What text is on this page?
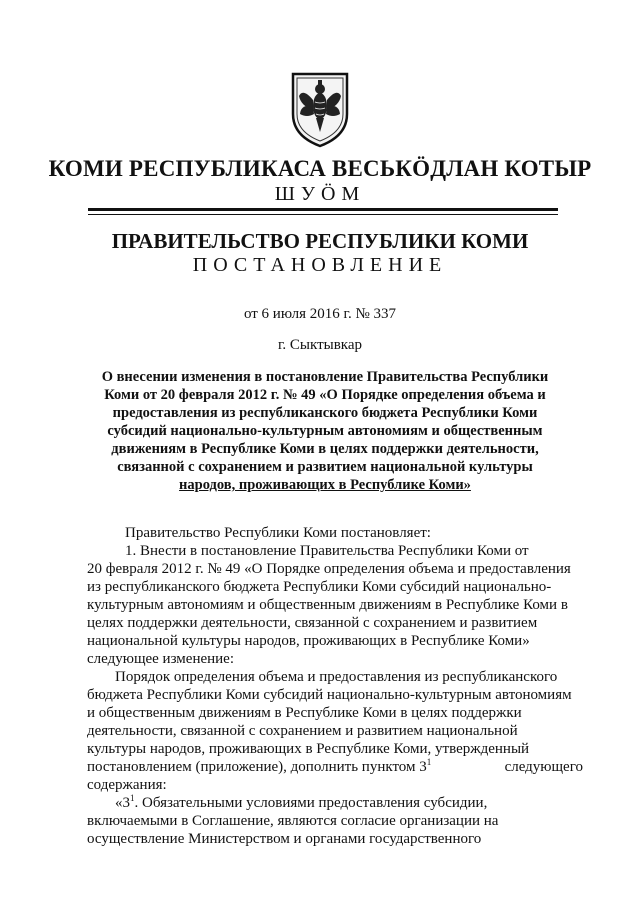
КОМИ РЕСПУБЛИКАСА ВЕСЬКӦДЛАН КОТЫР
ШУӦМ
ПРАВИТЕЛЬСТВО РЕСПУБЛИКИ КОМИ
ПОСТАНОВЛЕНИЕ
от 6 июля 2016 г. № 337
г. Сыктывкар
О внесении изменения в постановление Правительства Республики
Коми от 20 февраля 2012 г. № 49 «О Порядке определения объема и
предоставления из республиканского бюджета Республики Коми
субсидий национально-культурным автономиям и общественным
движениям в Республике Коми в целях поддержки деятельности,
связанной с сохранением и развитием национальной культуры
народов, проживающих в Республике Коми»
Правительство Республики Коми постановляет:
1. Внести в постановление Правительства Республики Коми от
20 февраля 2012 г. № 49 «О Порядке определения объема и предоставления
из республиканского бюджета Республики Коми субсидий национально-
культурным автономиям и общественным движениям в Республике Коми в
целях поддержки деятельности, связанной с сохранением и развитием
национальной культуры народов, проживающих в Республике Коми»
следующее изменение:
Порядок определения объема и предоставления из республиканского
бюджета Республики Коми субсидий национально-культурным автономиям
и общественным движениям в Республике Коми в целях поддержки
деятельности, связанной с сохранением и развитием национальной
культуры народов, проживающих в Республике Коми, утвержденный
постановлением (приложение), дополнить пунктом $3^1$	следующего
содержания:
«$3^1$. Обязательными условиями предоставления субсидии,
включаемыми в Соглашение, являются согласие организации на
осуществление Министерством и органами государственного
